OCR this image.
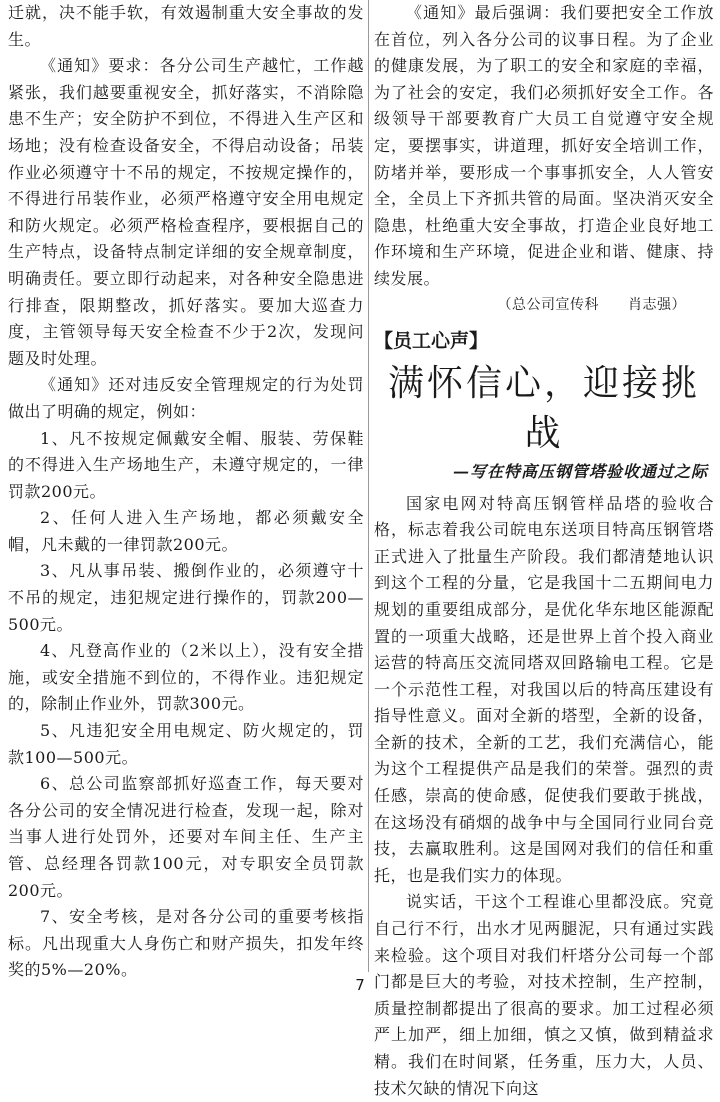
迁就，决不能手软，有效遏制重大安全事故的发生。

《通知》要求：各分公司生产越忙，工作越紧张，我们越要重视安全，抓好落实，不消除隐患不生产；安全防护不到位，不得进入生产区和场地；没有检查设备安全，不得启动设备；吊装作业必须遵守十不吊的规定，不按规定操作的，不得进行吊装作业，必须严格遵守安全用电规定和防火规定。必须严格检查程序，要根据自己的生产特点，设备特点制定详细的安全规章制度，明确责任。要立即行动起来，对各种安全隐患进行排查，限期整改，抓好落实。要加大巡查力度，主管领导每天安全检查不少于2次，发现问题及时处理。

《通知》还对违反安全管理规定的行为处罚做出了明确的规定，例如：

1、凡不按规定佩戴安全帽、服装、劳保鞋的不得进入生产场地生产，未遵守规定的，一律罚款200元。

2、任何人进入生产场地，都必须戴安全帽，凡未戴的一律罚款200元。

3、凡从事吊装、搬倒作业的，必须遵守十不吊的规定，违犯规定进行操作的，罚款200—500元。

4、凡登高作业的（2米以上），没有安全措施，或安全措施不到位的，不得作业。违犯规定的，除制止作业外，罚款300元。

5、凡违犯安全用电规定、防火规定的，罚款100—500元。

6、总公司监察部抓好巡查工作，每天要对各分公司的安全情况进行检查，发现一起，除对当事人进行处罚外，还要对车间主任、生产主管、总经理各罚款100元，对专职安全员罚款200元。

7、安全考核，是对各分公司的重要考核指标。凡出现重大人身伤亡和财产损失，扣发年终奖的5%—20%。

《通知》最后强调：我们要把安全工作放在首位，列入各分公司的议事日程。为了企业的健康发展，为了职工的安全和家庭的幸福，为了社会的安定，我们必须抓好安全工作。各级领导干部要教育广大员工自觉遵守安全规定，要摆事实，讲道理，抓好安全培训工作，防堵并举，要形成一个事事抓安全，人人管安全，全员上下齐抓共管的局面。坚决消灭安全隐患，杜绝重大安全事故，打造企业良好地工作环境和生产环境，促进企业和谐、健康、持续发展。

（总公司宣传科　　肖志强）

【员工心声】
满怀信心，迎接挑战
—写在特高压钢管塔验收通过之际

国家电网对特高压钢管样品塔的验收合格，标志着我公司皖电东送项目特高压钢管塔正式进入了批量生产阶段。我们都清楚地认识到这个工程的分量，它是我国十二五期间电力规划的重要组成部分，是优化华东地区能源配置的一项重大战略，还是世界上首个投入商业运营的特高压交流同塔双回路输电工程。它是一个示范性工程，对我国以后的特高压建设有指导性意义。面对全新的塔型，全新的设备，全新的技术，全新的工艺，我们充满信心，能为这个工程提供产品是我们的荣誉。强烈的责任感，崇高的使命感，促使我们要敢于挑战，在这场没有硝烟的战争中与全国同行业同台竞技，去赢取胜利。这是国网对我们的信任和重托，也是我们实力的体现。

说实话，干这个工程谁心里都没底。究竟自己行不行，出水才见两腿泥，只有通过实践来检验。这个项目对我们杆塔分公司每一个部门都是巨大的考验，对技术控制，生产控制，质量控制都提出了很高的要求。加工过程必须严上加严，细上加细，慎之又慎，做到精益求精。我们在时间紧，任务重，压力大，人员、技术欠缺的情况下向这

7
